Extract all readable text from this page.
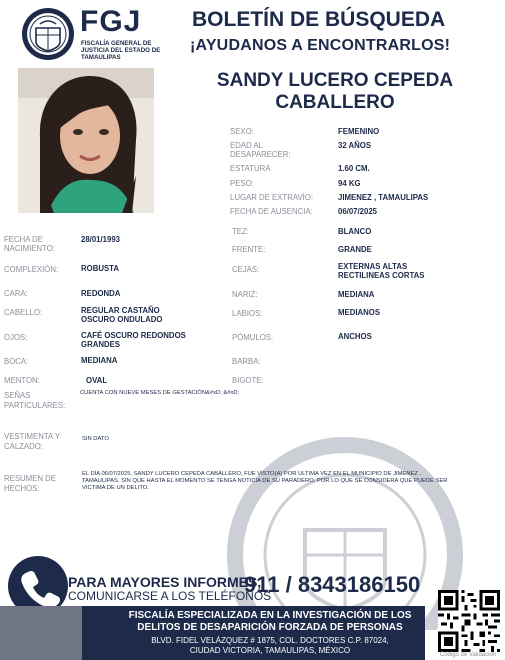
FGJ
FISCALÍA GENERAL DE JUSTICIA DEL ESTADO DE TAMAULIPAS
BOLETÍN DE BÚSQUEDA
¡AYUDANOS A ENCONTRARLOS!
SANDY LUCERO CEPEDA CABALLERO
SEXO:	FEMENINO
EDAD AL DESAPARECER:
32 AÑOS
ESTATURA	1.60 CM.
PESO:	94 KG
LUGAR DE EXTRAVÍO:	JIMENEZ , TAMAULIPAS
FECHA DE AUSENCIA:	06/07/2025
TEZ:	BLANCO
FRENTE:	GRANDE
CEJAS:	EXTERNAS ALTAS RECTILINEAS CORTAS
NARIZ:	MEDIANA
LABIOS:	MEDIANOS
PÓMULOS:	ANCHOS
BARBA:
BIGOTE:
FECHA DE NACIMIENTO:
28/01/1993
COMPLEXIÓN:	ROBUSTA
CARA:	REDONDA
CABELLO:	REGULAR CASTAÑO OSCURO ONDULADO
OJOS:	CAFÉ OSCURO REDONDOS GRANDES
BOCA:	MEDIANA
MENTON:	OVAL
SEÑAS PARTICULARES:
CUENTA CON NUEVE MESES DE GESTACIÓN&#xD; &#xD;
VESTIMENTA Y CALZADO:
SIN DATO
RESUMEN DE HECHOS:
EL DÍA 06/07/2025, SANDY LUCERO CEPEDA CABALLERO, FUE VISTO(A) POR ULTIMA VEZ EN EL MUNICIPIO DE JIMENEZ , TAMAULIPAS, SIN QUE HASTA EL MOMENTO SE TENGA NOTICIA DE SU PARADERO, POR LO QUE SE CONSIDERA QUE PUEDE SER VICTIMA DE UN DELITO.
PARA MAYORES INFORMES,
COMUNICARSE A LOS TELÉFONOS
911 / 8343186150
FISCALÍA ESPECIALIZADA EN LA INVESTIGACIÓN DE LOS
DELITOS DE DESAPARICIÓN FORZADA DE PERSONAS
BLVD. FIDEL VELÁZQUEZ # 1875, COL. DOCTORES C.P. 87024,
CIUDAD VICTORIA, TAMAULIPAS, MÉXICO	Código de Validación
